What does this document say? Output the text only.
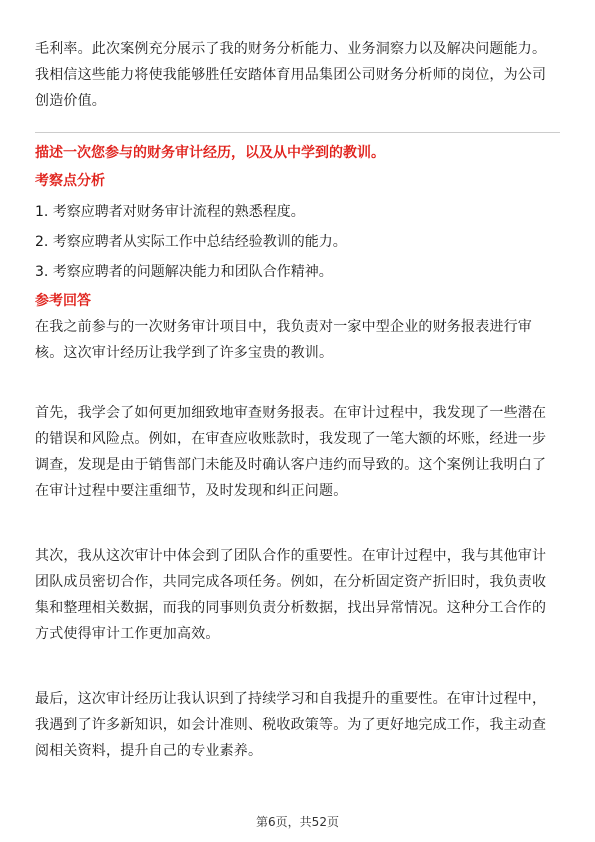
毛利率。此次案例充分展示了我的财务分析能力、业务洞察力以及解决问题能力。
我相信这些能力将使我能够胜任安踏体育用品集团公司财务分析师的岗位，为公司
创造价值。

描述一次您参与的财务审计经历，以及从中学到的教训。

考察点分析

1. 考察应聘者对财务审计流程的熟悉程度。
2. 考察应聘者从实际工作中总结经验教训的能力。
3. 考察应聘者的问题解决能力和团队合作精神。

参考回答

在我之前参与的一次财务审计项目中，我负责对一家中型企业的财务报表进行审
核。这次审计经历让我学到了许多宝贵的教训。

首先，我学会了如何更加细致地审查财务报表。在审计过程中，我发现了一些潜在
的错误和风险点。例如，在审查应收账款时，我发现了一笔大额的坏账，经进一步
调查，发现是由于销售部门未能及时确认客户违约而导致的。这个案例让我明白了
在审计过程中要注重细节，及时发现和纠正问题。

其次，我从这次审计中体会到了团队合作的重要性。在审计过程中，我与其他审计
团队成员密切合作，共同完成各项任务。例如，在分析固定资产折旧时，我负责收
集和整理相关数据，而我的同事则负责分析数据，找出异常情况。这种分工合作的
方式使得审计工作更加高效。

最后，这次审计经历让我认识到了持续学习和自我提升的重要性。在审计过程中，
我遇到了许多新知识，如会计准则、税收政策等。为了更好地完成工作，我主动查
阅相关资料，提升自己的专业素养。

第6页，共52页
